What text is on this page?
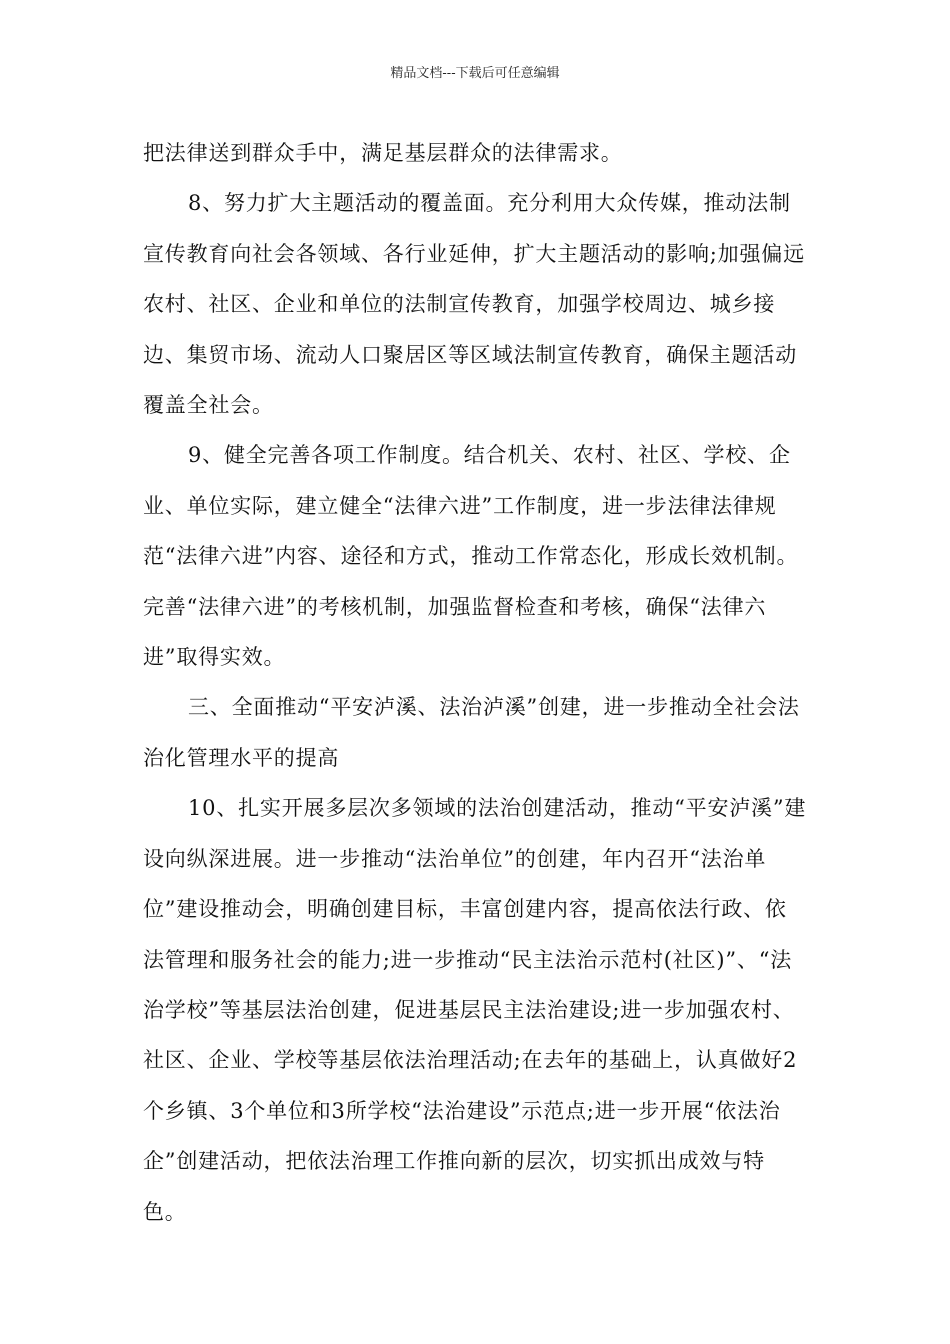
精品文档---下载后可任意编辑

把法律送到群众手中，满足基层群众的法律需求。

8、努力扩大主题活动的覆盖面。充分利用大众传媒，推动法制宣传教育向社会各领域、各行业延伸，扩大主题活动的影响;加强偏远农村、社区、企业和单位的法制宣传教育，加强学校周边、城乡接边、集贸市场、流动人口聚居区等区域法制宣传教育，确保主题活动覆盖全社会。

9、健全完善各项工作制度。结合机关、农村、社区、学校、企业、单位实际，建立健全“法律六进”工作制度，进一步法律法律规范“法律六进”内容、途径和方式，推动工作常态化，形成长效机制。完善“法律六进”的考核机制，加强监督检查和考核，确保“法律六进”取得实效。

三、全面推动“平安泸溪、法治泸溪”创建，进一步推动全社会法治化管理水平的提高

10、扎实开展多层次多领域的法治创建活动，推动“平安泸溪”建设向纵深进展。进一步推动“法治单位”的创建，年内召开“法治单位”建设推动会，明确创建目标，丰富创建内容，提高依法行政、依法管理和服务社会的能力;进一步推动“民主法治示范村(社区)”、“法治学校”等基层法治创建，促进基层民主法治建设;进一步加强农村、社区、企业、学校等基层依法治理活动;在去年的基础上，认真做好2个乡镇、3个单位和3所学校“法治建设”示范点;进一步开展“依法治企”创建活动，把依法治理工作推向新的层次，切实抓出成效与特色。
